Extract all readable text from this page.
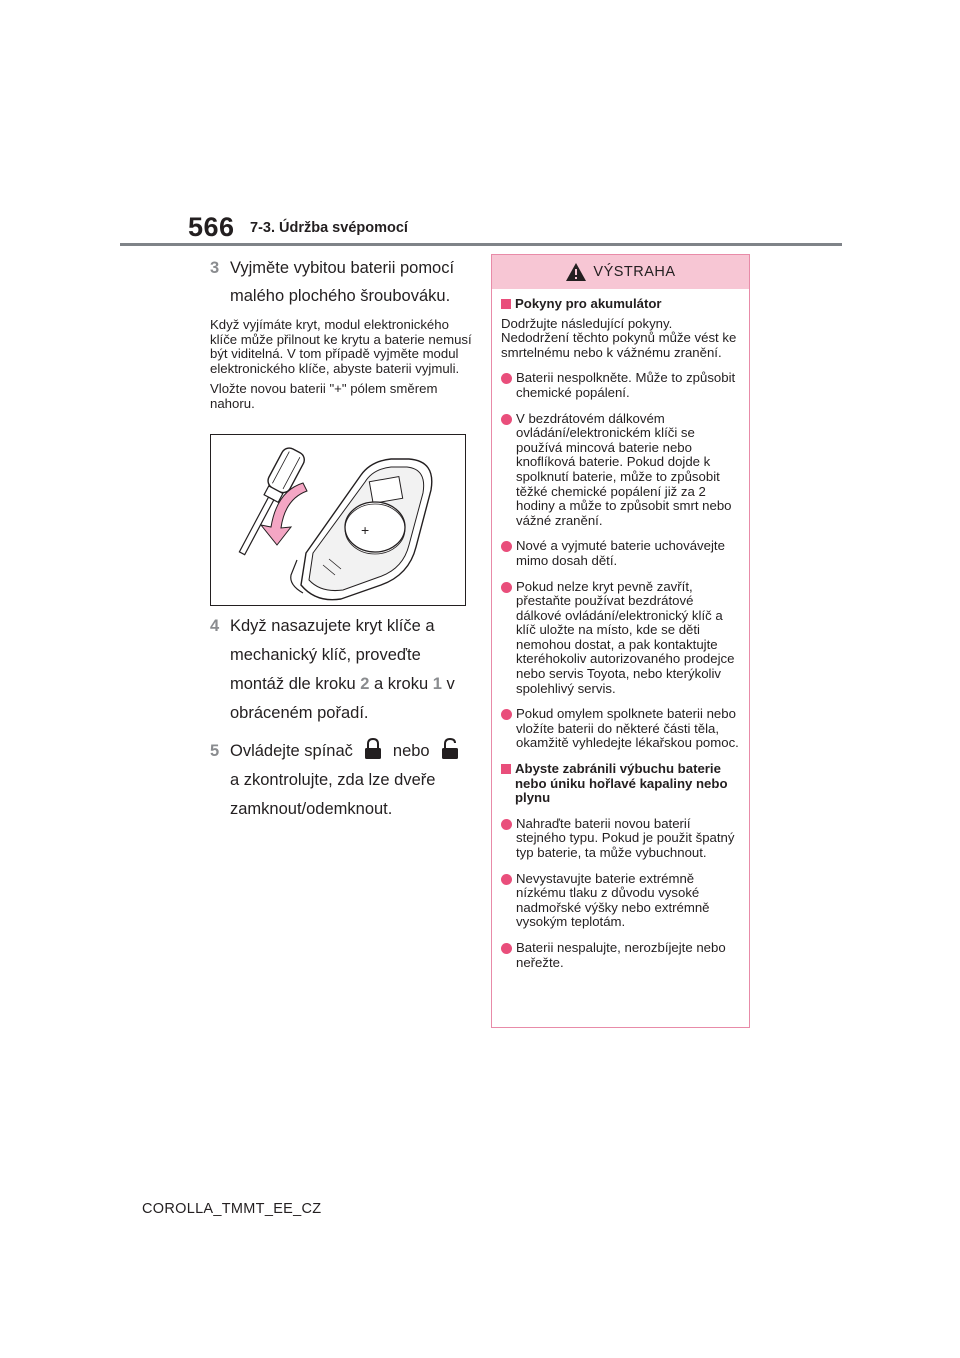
566 7-3. Údržba svépomocí
3 Vyjměte vybitou baterii pomocí malého plochého šroubováku.
Když vyjímáte kryt, modul elektronického klíče může přilnout ke krytu a baterie nemusí být viditelná. V tom případě vyjměte modul elektronického klíče, abyste baterii vyjmuli.
Vložte novou baterii "+" pólem směrem nahoru.
+
4 Když nasazujete kryt klíče a mechanický klíč, proveďte montáž dle kroku 2 a kroku 1 v obráceném pořadí.
5 Ovládejte spínač nebo
a zkontrolujte, zda lze dveře zamknout/odemknout.
VÝSTRAHA
Pokyny pro akumulátor
Dodržujte následující pokyny. Nedodržení těchto pokynů může vést ke smrtelnému nebo k vážnému zranění.
Baterii nespolkněte. Může to způsobit chemické popálení.
V bezdrátovém dálkovém ovládání/elektronickém klíči se používá mincová baterie nebo knoflíková baterie. Pokud dojde k spolknutí baterie, může to způsobit těžké chemické popálení již za 2 hodiny a může to způsobit smrt nebo vážné zranění.
Nové a vyjmuté baterie uchovávejte mimo dosah dětí.
Pokud nelze kryt pevně zavřít, přestaňte používat bezdrátové dálkové ovládání/elektronický klíč a klíč uložte na místo, kde se děti nemohou dostat, a pak kontaktujte kteréhokoliv autorizovaného prodejce nebo servis Toyota, nebo kterýkoliv spolehlivý servis.
Pokud omylem spolknete baterii nebo vložíte baterii do některé části těla, okamžitě vyhledejte lékařskou pomoc.
Abyste zabránili výbuchu baterie nebo úniku hořlavé kapaliny nebo plynu
Nahraďte baterii novou baterií stejného typu. Pokud je použit špatný typ baterie, ta může vybuchnout.
Nevystavujte baterie extrémně nízkému tlaku z důvodu vysoké nadmořské výšky nebo extrémně vysokým teplotám.
Baterii nespalujte, nerozbíjejte nebo neřežte.
COROLLA_TMMT_EE_CZ
